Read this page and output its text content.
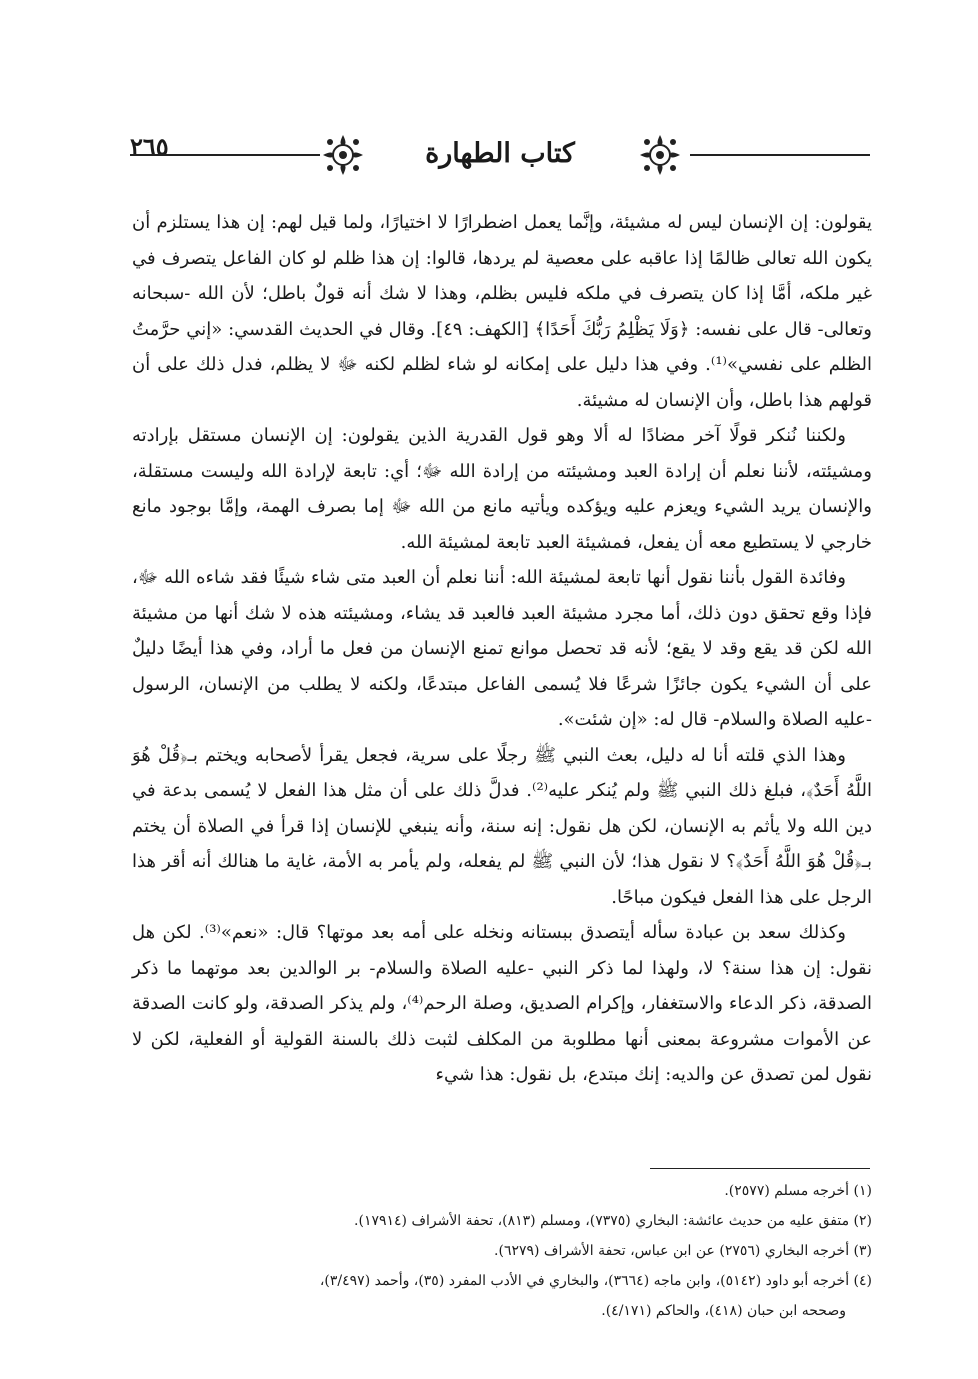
٢٦٥	كتاب الطهارة

يقولون: إن الإنسان ليس له مشيئة، وإنَّما يعمل اضطرارًا لا اختيارًا، ولما قيل لهم: إن هذا يستلزم أن يكون الله تعالى ظالمًا إذا عاقبه على معصية لم يردها، قالوا: إن هذا ظلم لو كان الفاعل يتصرف في غير ملكه، أمَّا إذا كان يتصرف في ملكه فليس بظلم، وهذا لا شك أنه قولٌ باطل؛ لأن الله -سبحانه وتعالى- قال على نفسه: ﴿وَلَا يَظْلِمُ رَبُّكَ أَحَدًا﴾ [الكهف: ٤٩]. وقال في الحديث القدسي: «إني حرَّمتُ الظلم على نفسي»⁽¹⁾. وفي هذا دليل على إمكانه لو شاء لظلم لكنه ﷻ لا يظلم، فدل ذلك على أن قولهم هذا باطل، وأن الإنسان له مشيئة.

ولكننا نُنكر قولًا آخر مضادًا له ألا وهو قول القدرية الذين يقولون: إن الإنسان مستقل بإرادته ومشيئته، لأننا نعلم أن إرادة العبد ومشيئته من إرادة الله ﷻ؛ أي: تابعة لإرادة الله وليست مستقلة، والإنسان يريد الشيء ويعزم عليه ويؤكده ويأتيه مانع من الله ﷻ إما بصرف الهمة، وإمَّا بوجود مانع خارجي لا يستطيع معه أن يفعل، فمشيئة العبد تابعة لمشيئة الله.

وفائدة القول بأننا نقول أنها تابعة لمشيئة الله: أننا نعلم أن العبد متى شاء شيئًا فقد شاءه الله ﷻ، فإذا وقع تحقق دون ذلك، أما مجرد مشيئة العبد فالعبد قد يشاء، ومشيئته هذه لا شك أنها من مشيئة الله لكن قد يقع وقد لا يقع؛ لأنه قد تحصل موانع تمنع الإنسان من فعل ما أراد، وفي هذا أيضًا دليلٌ على أن الشيء يكون جائزًا شرعًا فلا يُسمى الفاعل مبتدعًا، ولكنه لا يطلب من الإنسان، الرسول -عليه الصلاة والسلام- قال له: «إن شئت».

وهذا الذي قلته أنا له دليل، بعث النبي ﷺ رجلًا على سرية، فجعل يقرأ لأصحابه ويختم بـ﴿قُلْ هُوَ اللَّهُ أَحَدٌ﴾، فبلغ ذلك النبي ﷺ ولم يُنكر عليه⁽²⁾. فدلَّ ذلك على أن مثل هذا الفعل لا يُسمى بدعة في دين الله ولا يأثم به الإنسان، لكن هل نقول: إنه سنة، وأنه ينبغي للإنسان إذا قرأ في الصلاة أن يختم بـ﴿قُلْ هُوَ اللَّهُ أَحَدٌ﴾؟ لا نقول هذا؛ لأن النبي ﷺ لم يفعله، ولم يأمر به الأمة، غاية ما هنالك أنه أقر هذا الرجل على هذا الفعل فيكون مباحًا.

وكذلك سعد بن عبادة سأله أيتصدق ببستانه ونخله على أمه بعد موتها؟ قال: «نعم»⁽³⁾. لكن هل نقول: إن هذا سنة؟ لا، ولهذا لما ذكر النبي -عليه الصلاة والسلام- بر الوالدين بعد موتهما ما ذكر الصدقة، ذكر الدعاء والاستغفار، وإكرام الصديق، وصلة الرحم⁽⁴⁾، ولم يذكر الصدقة، ولو كانت الصدقة عن الأموات مشروعة بمعنى أنها مطلوبة من المكلف لثبت ذلك بالسنة القولية أو الفعلية، لكن لا نقول لمن تصدق عن والديه: إنك مبتدع، بل نقول: هذا شيء

(١) أخرجه مسلم (٢٥٧٧).
(٢) متفق عليه من حديث عائشة: البخاري (٧٣٧٥)، ومسلم (٨١٣)، تحفة الأشراف (١٧٩١٤).
(٣) أخرجه البخاري (٢٧٥٦) عن ابن عباس، تحفة الأشراف (٦٢٧٩).
(٤) أخرجه أبو داود (٥١٤٢)، وابن ماجه (٣٦٦٤)، والبخاري في الأدب المفرد (٣٥)، وأحمد (٣/٤٩٧)،
وصححه ابن حبان (٤١٨)، والحاكم (٤/١٧١).
